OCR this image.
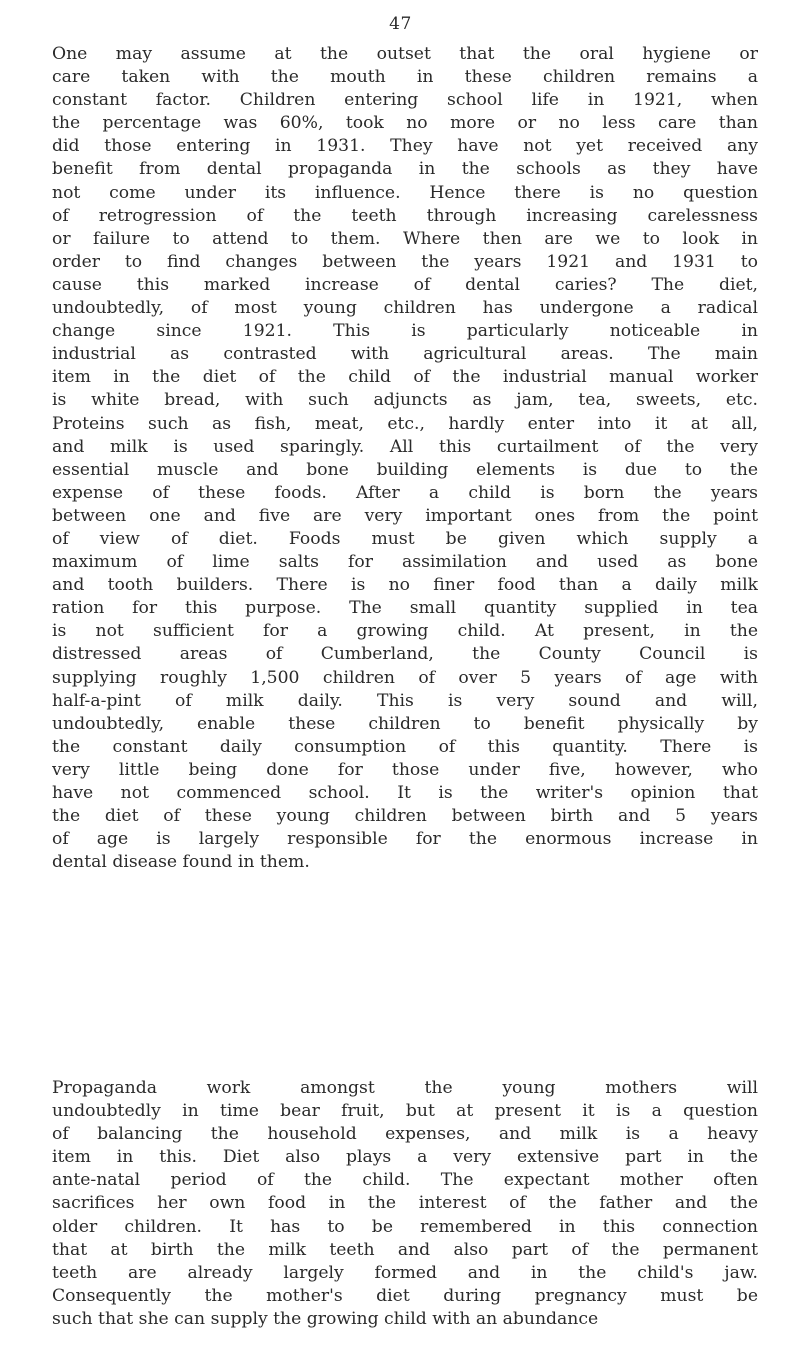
47
One may assume at the outset that the oral hygiene or
care taken with the mouth in these children remains a
constant factor. Children entering school life in 1921, when
the percentage was 60%, took no more or no less care than
did those entering in 1931. They have not yet received any
benefit from dental propaganda in the schools as they have
not come under its influence. Hence there is no question
of retrogression of the teeth through increasing carelessness
or failure to attend to them. Where then are we to look in
order to find changes between the years 1921 and 1931 to
cause this marked increase of dental caries? The diet,
undoubtedly, of most young children has undergone a radical
change since 1921. This is particularly noticeable in
industrial as contrasted with agricultural areas. The main
item in the diet of the child of the industrial manual worker
is white bread, with such adjuncts as jam, tea, sweets, etc.
Proteins such as fish, meat, etc., hardly enter into it at all,
and milk is used sparingly. All this curtailment of the very
essential muscle and bone building elements is due to the
expense of these foods. After a child is born the years
between one and five are very important ones from the point
of view of diet. Foods must be given which supply a
maximum of lime salts for assimilation and used as bone
and tooth builders. There is no finer food than a daily milk
ration for this purpose. The small quantity supplied in tea
is not sufficient for a growing child. At present, in the
distressed areas of Cumberland, the County Council is
supplying roughly 1,500 children of over 5 years of age with
half-a-pint of milk daily. This is very sound and will,
undoubtedly, enable these children to benefit physically by
the constant daily consumption of this quantity. There is
very little being done for those under five, however, who
have not commenced school. It is the writer's opinion that
the diet of these young children between birth and 5 years
of age is largely responsible for the enormous increase in
dental disease found in them.
Propaganda work amongst the young mothers will
undoubtedly in time bear fruit, but at present it is a question
of balancing the household expenses, and milk is a heavy
item in this. Diet also plays a very extensive part in the
ante-natal period of the child. The expectant mother often
sacrifices her own food in the interest of the father and the
older children. It has to be remembered in this connection
that at birth the milk teeth and also part of the permanent
teeth are already largely formed and in the child's jaw.
Consequently the mother's diet during pregnancy must be
such that she can supply the growing child with an abundance
